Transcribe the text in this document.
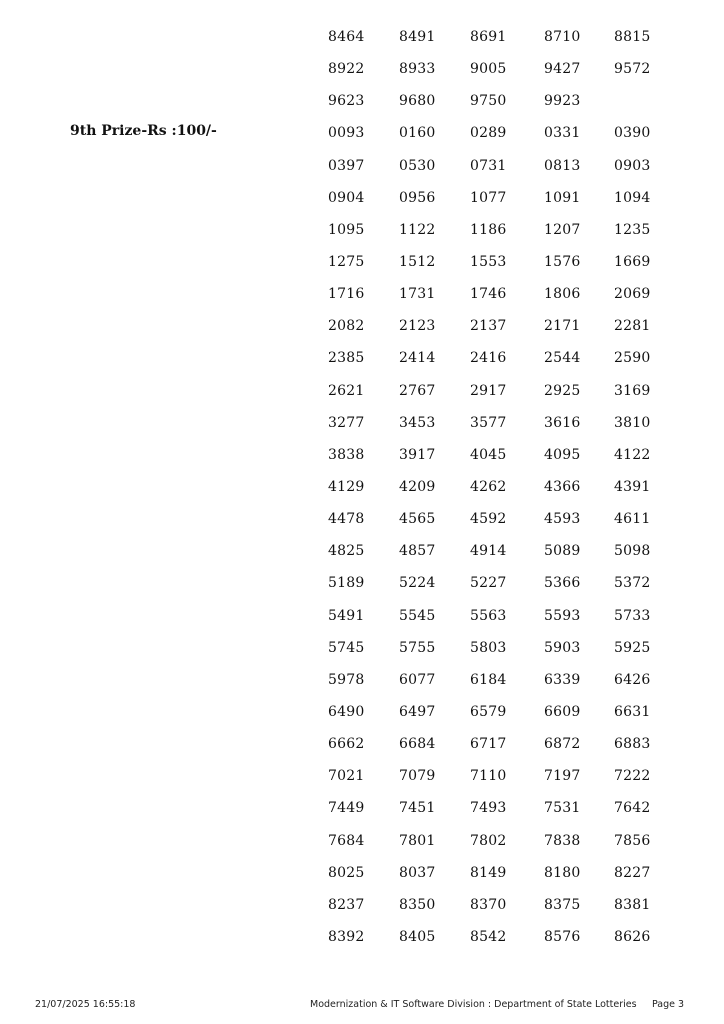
9th Prize-Rs :100/-
8464 8491 8691	8710 8815
8922 8933 9005	9427 9572
9623 9680 9750	9923
0093 0160 0289	0331 0390
0397 0530 0731	0813 0903
0904 0956 1077	1091 1094
1095 1122 1186	1207 1235
1275 1512 1553	1576 1669
1716 1731 1746	1806 2069
2082 2123 2137	2171 2281
2385 2414 2416	2544 2590
2621 2767 2917	2925 3169
3277 3453 3577	3616 3810
3838 3917 4045	4095 4122
4129 4209 4262	4366 4391
4478 4565 4592	4593 4611
4825 4857 4914	5089 5098
5189 5224 5227	5366 5372
5491 5545 5563	5593 5733
5745 5755 5803	5903 5925
5978 6077 6184	6339 6426
6490 6497 6579	6609 6631
6662 6684 6717	6872 6883
7021 7079 7110	7197 7222
7449 7451 7493	7531 7642
7684 7801 7802	7838 7856
8025 8037 8149	8180 8227
8237 8350 8370	8375 8381
8392 8405 8542	8576 8626
21/07/2025 16:55:18	Modernization & IT Software Division : Department of State Lotteries Page 3
